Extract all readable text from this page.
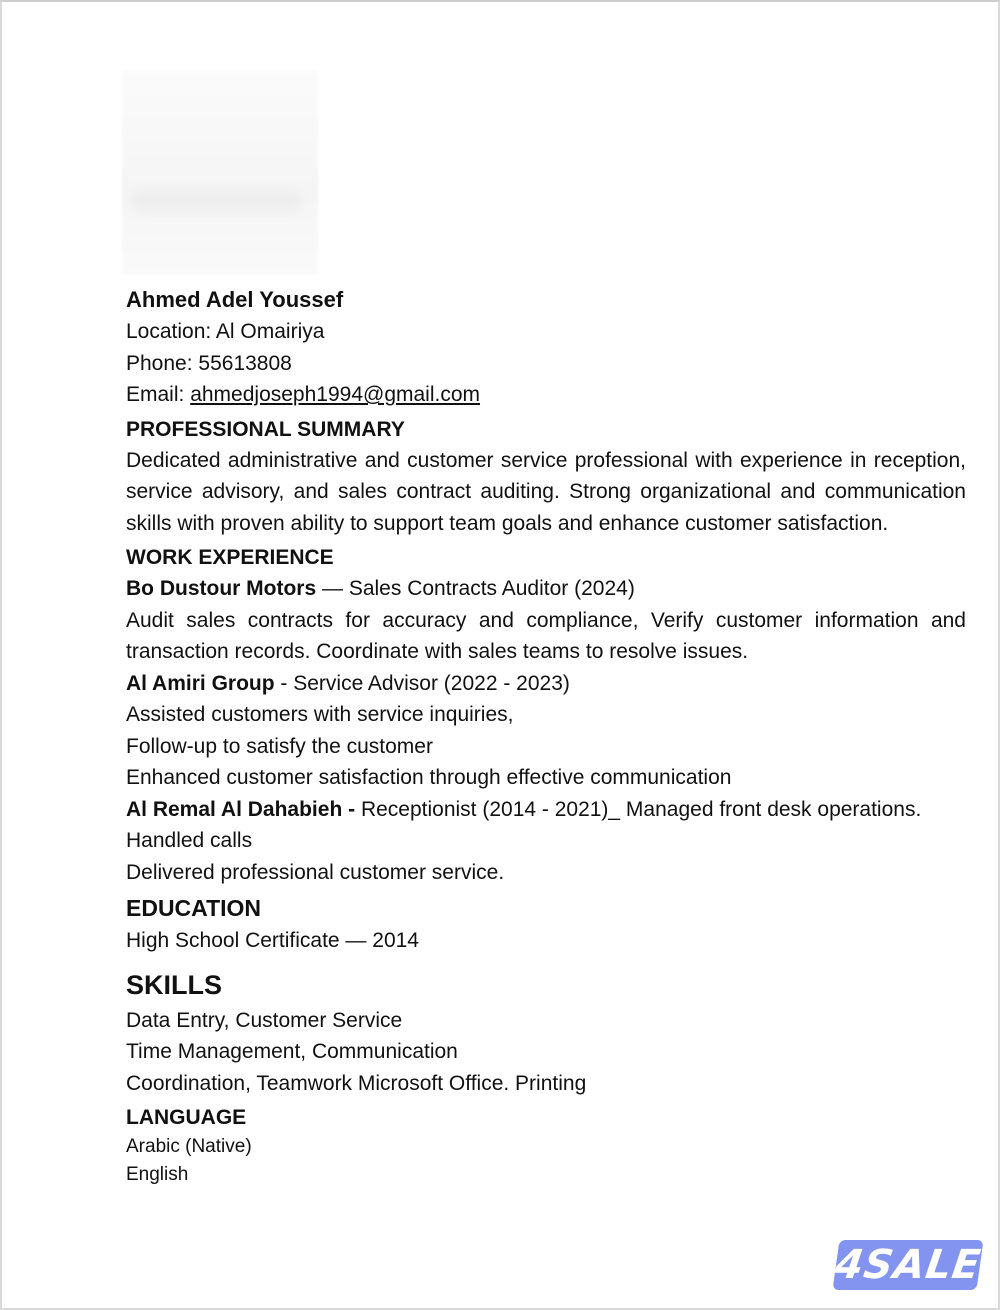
Ahmed Adel Youssef

Location: Al Omairiya

Phone: 55613808

Email: ahmedjoseph1994@gmail.com

PROFESSIONAL SUMMARY

Dedicated administrative and customer service professional with experience in reception, service advisory, and sales contract auditing. Strong organizational and communication skills with proven ability to support team goals and enhance customer satisfaction.

WORK EXPERIENCE

Bo Dustour Motors — Sales Contracts Auditor (2024)

Audit sales contracts for accuracy and compliance, Verify customer information and transaction records. Coordinate with sales teams to resolve issues.

Al Amiri Group - Service Advisor (2022 - 2023)

Assisted customers with service inquiries,

Follow-up to satisfy the customer

Enhanced customer satisfaction through effective communication

Al Remal Al Dahabieh - Receptionist (2014 - 2021)_ Managed front desk operations.

Handled calls

Delivered professional customer service.

EDUCATION

High School Certificate — 2014

SKILLS

Data Entry, Customer Service

Time Management, Communication

Coordination, Teamwork Microsoft Office. Printing

LANGUAGE

Arabic (Native)

English

4SALE
